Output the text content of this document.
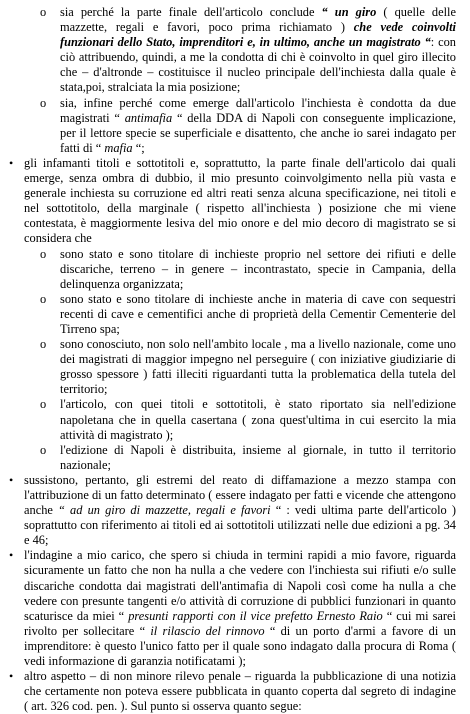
o sia perché la parte finale dell'articolo conclude “ un giro ( quelle delle mazzette, regali e favori, poco prima richiamato ) che vede coinvolti funzionari dello Stato, imprenditori e, in ultimo, anche un magistrato “: con ciò attribuendo, quindi, a me la condotta di chi è coinvolto in quel giro illecito che – d'altronde – costituisce il nucleo principale dell'inchiesta dalla quale è stata,poi, stralciata la mia posizione;
o sia, infine perché come emerge dall'articolo l'inchiesta è condotta da due magistrati “ antimafia “ della DDA di Napoli con conseguente implicazione, per il lettore specie se superficiale e disattento, che anche io sarei indagato per fatti di “ mafia “;
• gli infamanti titoli e sottotitoli e, soprattutto, la parte finale dell'articolo dai quali emerge, senza ombra di dubbio, il mio presunto coinvolgimento nella più vasta e generale inchiesta su corruzione ed altri reati senza alcuna specificazione, nei titoli e nel sottotitolo, della marginale ( rispetto all'inchiesta ) posizione che mi viene contestata, è maggiormente lesiva del mio onore e del mio decoro di magistrato se si considera che
o sono stato e sono titolare di inchieste proprio nel settore dei rifiuti e delle discariche, terreno – in genere – incontrastato, specie in Campania, della delinquenza organizzata;
o sono stato e sono titolare di inchieste anche in materia di cave con sequestri recenti di cave e cementifici anche di proprietà della Cementir Cementerie del Tirreno spa;
o sono conosciuto, non solo nell'ambito locale , ma a livello nazionale, come uno dei magistrati di maggior impegno nel perseguire ( con iniziative giudiziarie di grosso spessore ) fatti illeciti riguardanti tutta la problematica della tutela del territorio;
o l'articolo, con quei titoli e sottotitoli, è stato riportato sia nell'edizione napoletana che in quella casertana ( zona quest'ultima in cui esercito la mia attività di magistrato );
o l'edizione di Napoli è distribuita, insieme al giornale, in tutto il territorio nazionale;
• sussistono, pertanto, gli estremi del reato di diffamazione a mezzo stampa con l'attribuzione di un fatto determinato ( essere indagato per fatti e vicende che attengono anche “ ad un giro di mazzette, regali e favori “ : vedi ultima parte dell'articolo ) soprattutto con riferimento ai titoli ed ai sottotitoli utilizzati nelle due edizioni a pg. 34 e 46;
• l'indagine a mio carico, che spero si chiuda in termini rapidi a mio favore, riguarda sicuramente un fatto che non ha nulla a che vedere con l'inchiesta sui rifiuti e/o sulle discariche condotta dai magistrati dell'antimafia di Napoli così come ha nulla a che vedere con presunte tangenti e/o attività di corruzione di pubblici funzionari in quanto scaturisce da miei “ presunti rapporti con il vice prefetto Ernesto Raio “ cui mi sarei rivolto per sollecitare “ il rilascio del rinnovo “ di un porto d'armi a favore di un imprenditore: è questo l'unico fatto per il quale sono indagato dalla procura di Roma ( vedi informazione di garanzia notificatami );
• altro aspetto – di non minore rilevo penale – riguarda la pubblicazione di una notizia che certamente non poteva essere pubblicata in quanto coperta dal segreto di indagine ( art. 326 cod. pen. ). Sul punto si osserva quanto segue:
